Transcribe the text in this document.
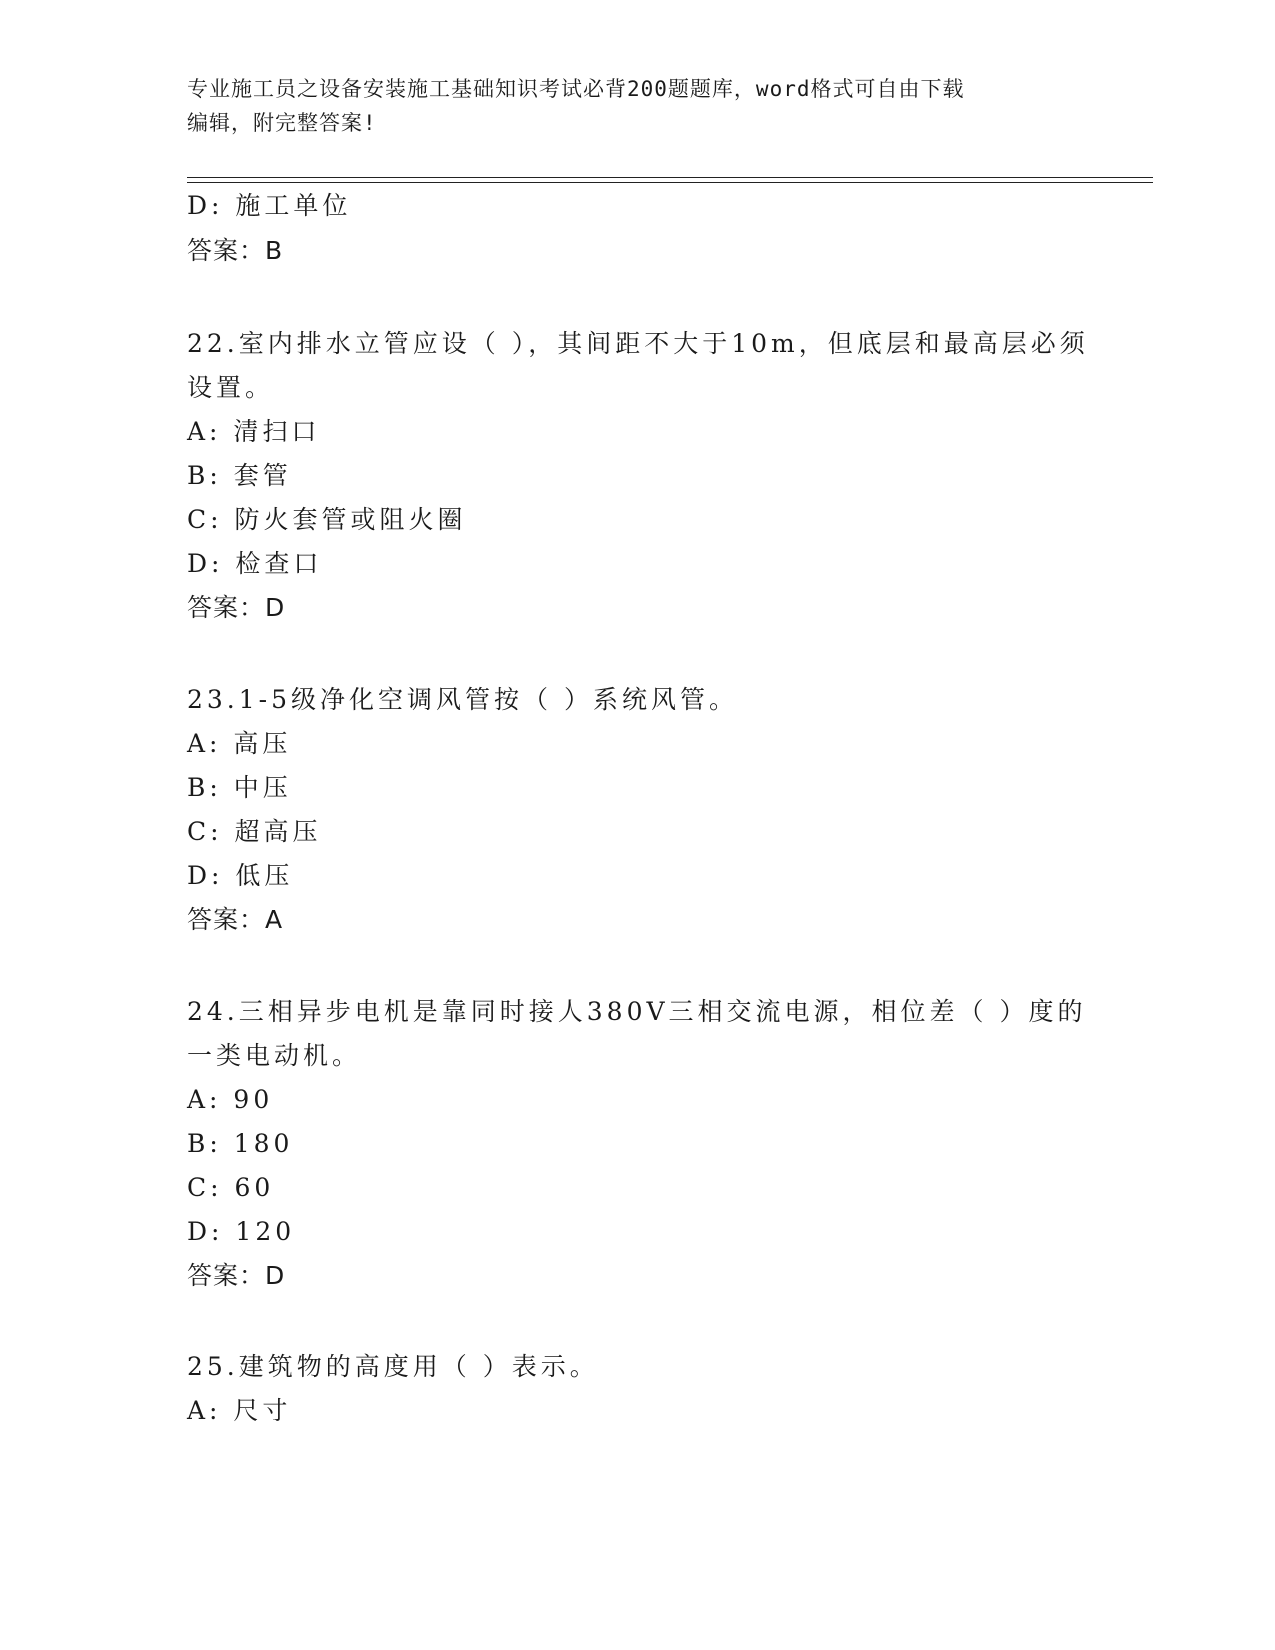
专业施工员之设备安装施工基础知识考试必背200题题库，word格式可自由下载
编辑，附完整答案!
D: 施工单位
答案：B
22.室内排水立管应设（ ），其间距不大于10m，但底层和最高层必须
设置。
A: 清扫口
B: 套管
C: 防火套管或阻火圈
D: 检查口
答案：D
23.1-5级净化空调风管按（ ）系统风管。
A: 高压
B: 中压
C: 超高压
D: 低压
答案：A
24.三相异步电机是靠同时接人380V三相交流电源，相位差（ ）度的
一类电动机。
A: 90
B: 180
C: 60
D: 120
答案：D
25.建筑物的高度用（ ）表示。
A: 尺寸
